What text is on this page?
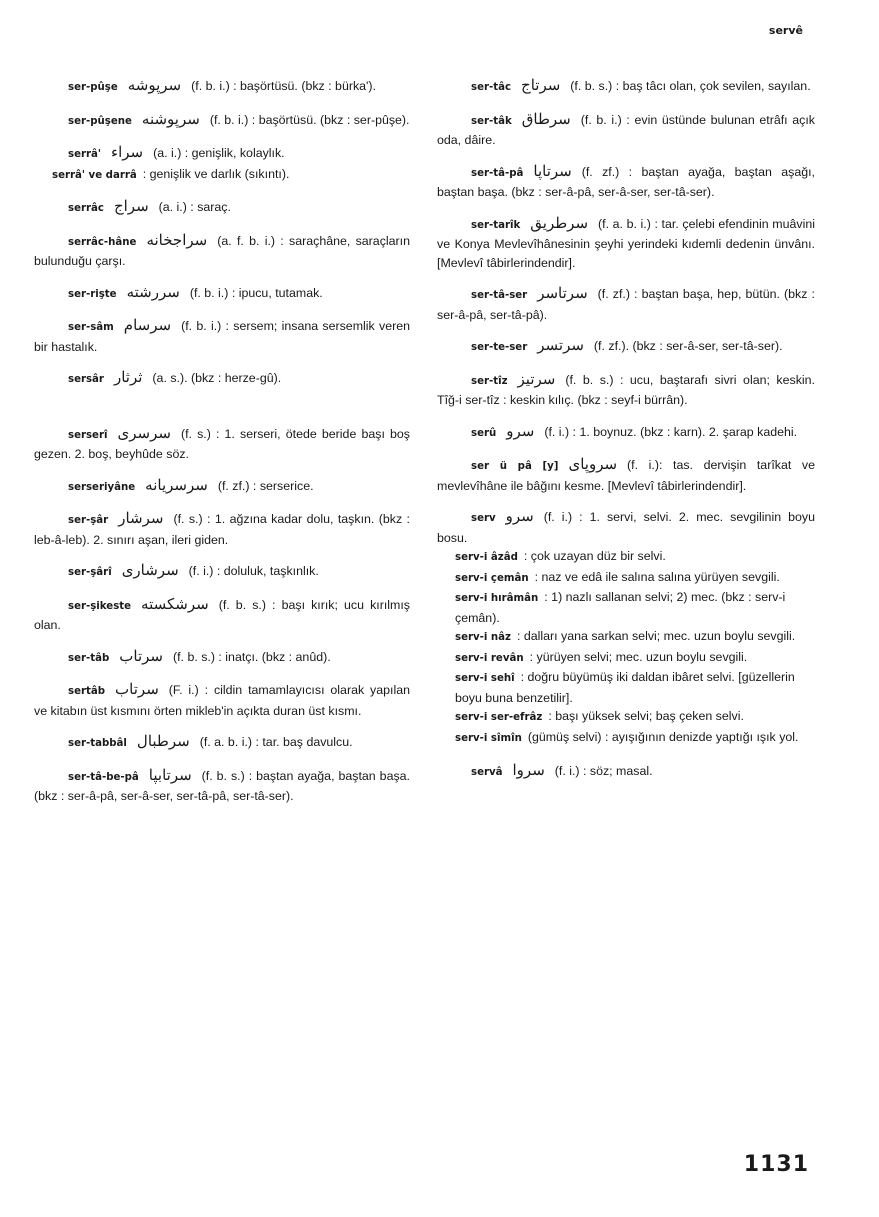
servê

ser-pûşe سرپوشه (f. b. i.) : başörtüsü. (bkz : bürka').

ser-pûşene سرپوشنه (f. b. i.) : başörtüsü. (bkz : ser-pûşe).

serrâ' سراء (a. i.) : genişlik, kolaylık.

serrâ' ve darrâ : genişlik ve darlık (sıkıntı).

serrâc سراج (a. i.) : saraç.

serrâc-hâne سراجخانه (a. f. b. i.) : saraçhâne, saraçların bulunduğu çarşı.

ser-rişte سررشته (f. b. i.) : ipucu, tutamak.

ser-sâm سرسام (f. b. i.) : sersem; insana sersemlik veren bir hastalık.

sersâr ثرثار (a. s.). (bkz : herze-gû).

serserî سرسری (f. s.) : 1. serseri, ötede beride başı boş gezen. 2. boş, beyhûde söz.

serseriyâne سرسریانه (f. zf.) : serserice.

ser-şâr سرشار (f. s.) : 1. ağzına kadar dolu, taşkın. (bkz : leb-â-leb). 2. sınırı aşan, ileri giden.

ser-şârî سرشاری (f. i.) : doluluk, taşkınlık.

ser-şikeste سرشکسته (f. b. s.) : başı kırık; ucu kırılmış olan.

ser-tâb سرتاب (f. b. s.) : inatçı. (bkz : anûd).

sertâb سرتاب (F. i.) : cildin tamamlayıcısı olarak yapılan ve kitabın üst kısmını örten mikleb'in açıkta duran üst kısmı.

ser-tabbâl سرطبال (f. a. b. i.) : tar. baş davulcu.

ser-tâ-be-pâ سرتابپا (f. b. s.) : baştan ayağa, baştan başa. (bkz : ser-â-pâ, ser-â-ser, ser-tâ-pâ, ser-tâ-ser).

ser-tâc سرتاج (f. b. s.) : baş tâcı olan, çok sevilen, sayılan.

ser-tâk سرطاق (f. b. i.) : evin üstünde bulunan etrâfı açık oda, dâire.

ser-tâ-pâ سرتاپا (f. zf.) : baştan ayağa, baştan aşağı, baştan başa. (bkz : ser-â-pâ, ser-â-ser, ser-tâ-ser).

ser-tarîk سرطریق (f. a. b. i.) : tar. çelebi efendinin muâvini ve Konya Mevlevîhânesinin şeyhi yerindeki kıdemli dedenin ünvânı. [Mevlevî tâbirlerindendir].

ser-tâ-ser سرتاسر (f. zf.) : baştan başa, hep, bütün. (bkz : ser-â-pâ, ser-tâ-pâ).

ser-te-ser سرتسر (f. zf.). (bkz : ser-â-ser, ser-tâ-ser).

ser-tîz سرتیز (f. b. s.) : ucu, baştarafı sivri olan; keskin. Tîğ-i ser-tîz : keskin kılıç. (bkz : seyf-i bürrân).

serû سرو (f. i.) : 1. boynuz. (bkz : karn). 2. şarap kadehi.

ser ü pâ [y] سروپای (f. i.): tas. dervişin tarîkat ve mevlevîhâne ile bâğını kesme. [Mevlevî tâbirlerindendir].

serv سرو (f. i.) : 1. servi, selvi. 2. mec. sevgilinin boyu bosu.

serv-i âzâd : çok uzayan düz bir selvi.

serv-i çemân : naz ve edâ ile salına salına yürüyen sevgili.

serv-i hırâmân : 1) nazlı sallanan selvi; 2) mec. (bkz : serv-i çemân).

serv-i nâz : dalları yana sarkan selvi; mec. uzun boylu sevgili.

serv-i revân : yürüyen selvi; mec. uzun boylu sevgili.

serv-i sehî : doğru büyümüş iki daldan ibâret selvi. [güzellerin boyu buna benzetilir].

serv-i ser-efrâz : başı yüksek selvi; baş çeken selvi.

serv-i sîmîn (gümüş selvi) : ayışığının denizde yaptığı ışık yol.

servâ سروا (f. i.) : söz; masal.

1131
